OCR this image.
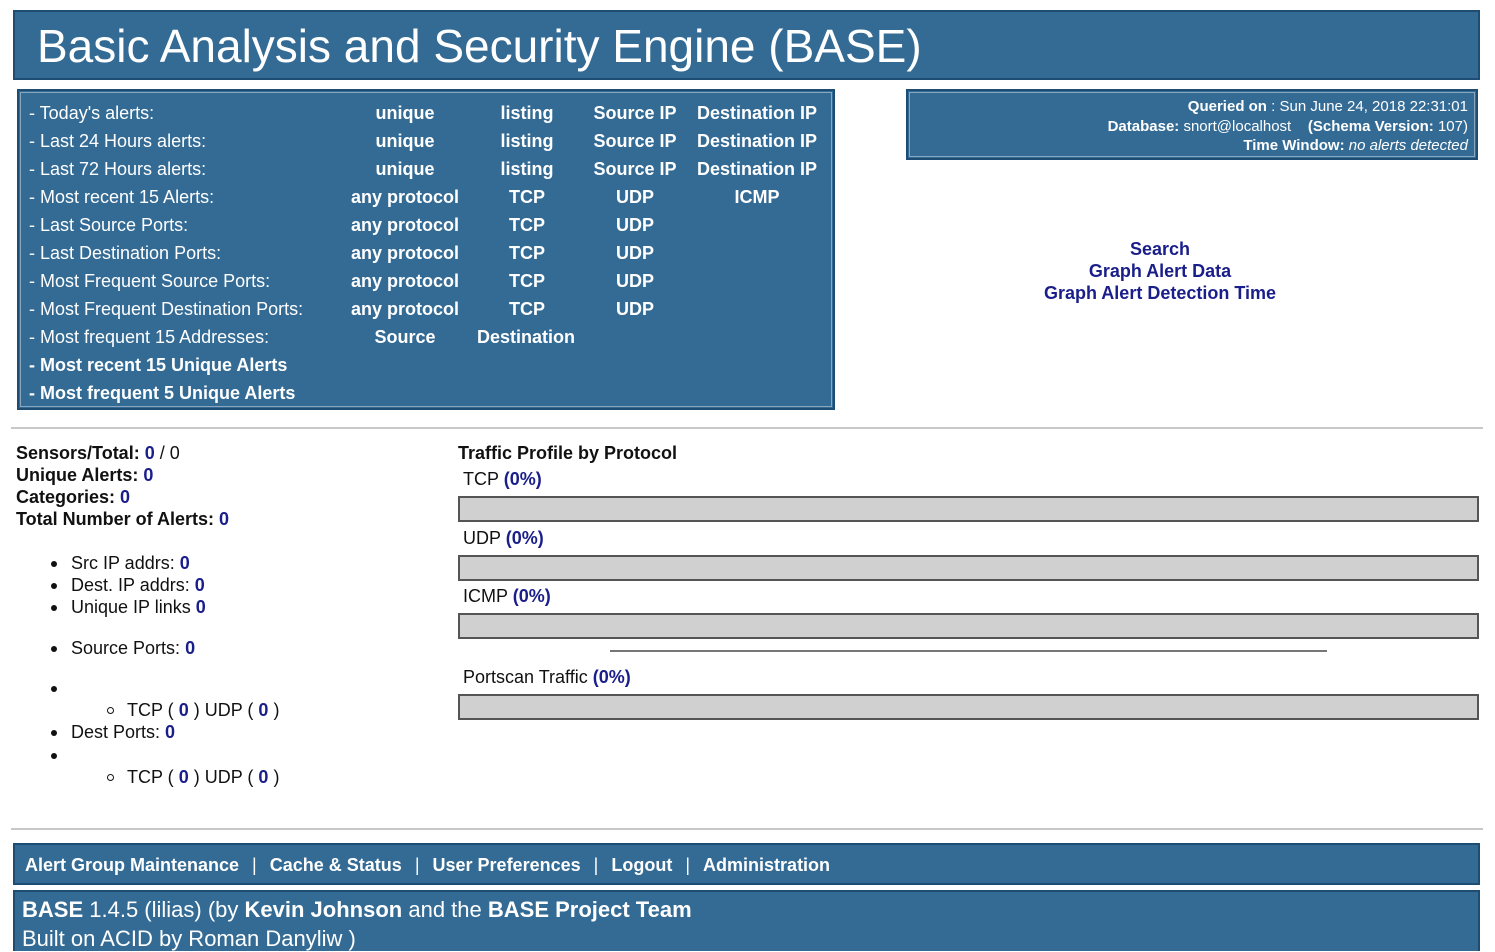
Basic Analysis and Security Engine (BASE)
- Today's alerts:	unique	listing	Source IP	Destination IP
- Last 24 Hours alerts:	unique	listing	Source IP	Destination IP
- Last 72 Hours alerts:	unique	listing	Source IP	Destination IP
- Most recent 15 Alerts:	any protocol	TCP	UDP	ICMP
- Last Source Ports:	any protocol	TCP	UDP
- Last Destination Ports:	any protocol	TCP	UDP
- Most Frequent Source Ports:	any protocol	TCP	UDP
- Most Frequent Destination Ports:	any protocol	TCP	UDP
- Most frequent 15 Addresses:	Source	Destination
- Most recent 15 Unique Alerts
- Most frequent 5 Unique Alerts
Queried on : Sun June 24, 2018 22:31:01
Database: snort@localhost (Schema Version: 107)
Time Window: no alerts detected
Search
Graph Alert Data
Graph Alert Detection Time
Sensors/Total: 0 / 0
Unique Alerts: 0
Categories: 0
Total Number of Alerts: 0
Src IP addrs: 0
Dest. IP addrs: 0
Unique IP links 0
Source Ports: 0
TCP ( 0 ) UDP ( 0 )
Dest Ports: 0
TCP ( 0 ) UDP ( 0 )
Traffic Profile by Protocol
TCP (0%)
UDP (0%)
ICMP (0%)
Portscan Traffic (0%)
Alert Group Maintenance | Cache & Status | User Preferences | Logout | Administration
BASE 1.4.5 (lilias) (by Kevin Johnson and the BASE Project Team
Built on ACID by Roman Danyliw )
